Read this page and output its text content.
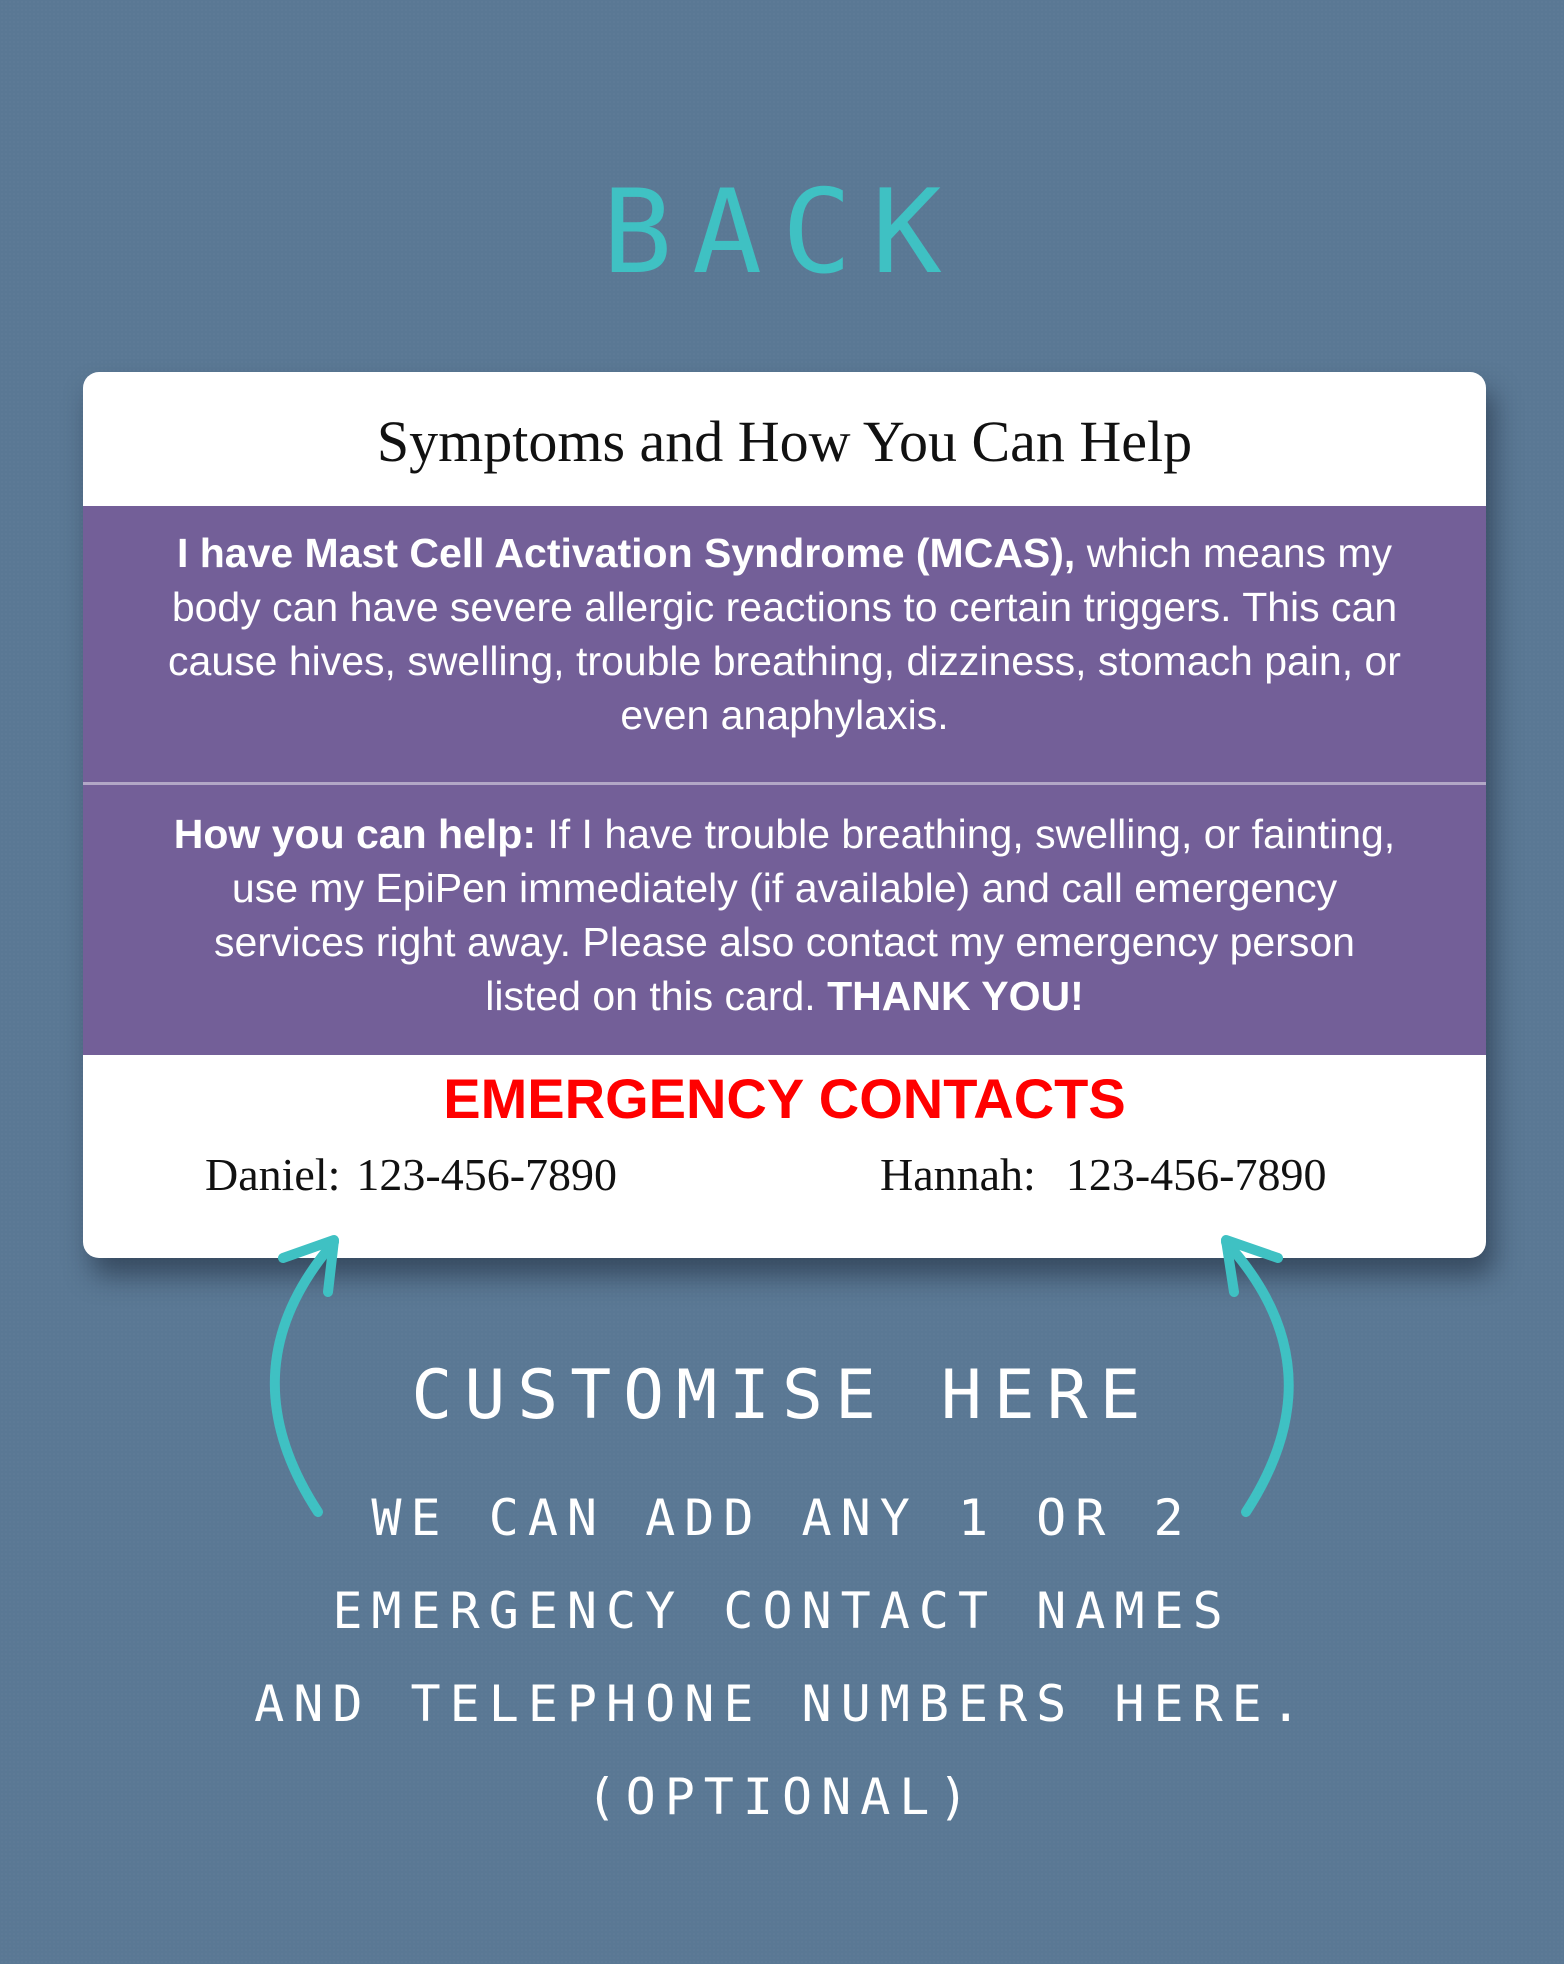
BACK
Symptoms and How You Can Help
I have Mast Cell Activation Syndrome (MCAS), which means my body can have severe allergic reactions to certain triggers. This can cause hives, swelling, trouble breathing, dizziness, stomach pain, or even anaphylaxis.
How you can help: If I have trouble breathing, swelling, or fainting, use my EpiPen immediately (if available) and call emergency services right away. Please also contact my emergency person listed on this card. THANK YOU!
EMERGENCY CONTACTS
Daniel: 123-456-7890	Hannah: 123-456-7890
CUSTOMISE HERE
WE CAN ADD ANY 1 OR 2
EMERGENCY CONTACT NAMES
AND TELEPHONE NUMBERS HERE.
(OPTIONAL)
